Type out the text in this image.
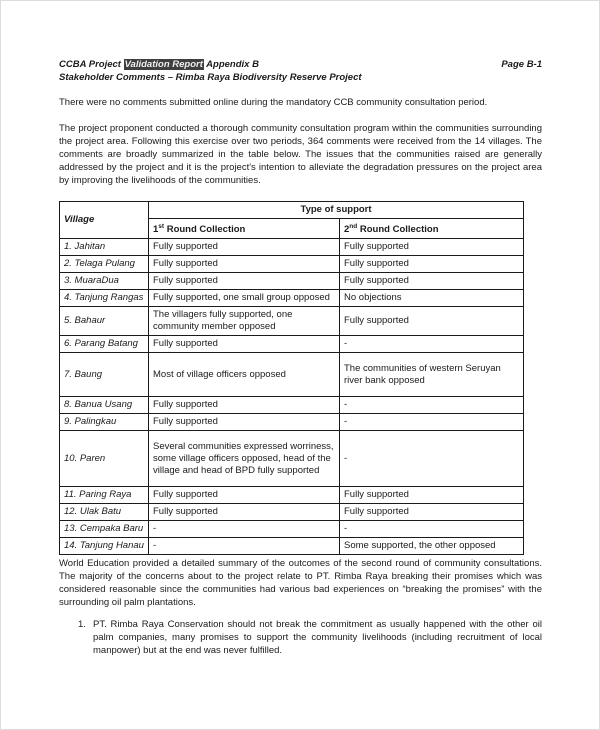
CCBA Project Validation Report Appendix B	Page B-1
Stakeholder Comments – Rimba Raya Biodiversity Reserve Project

There were no comments submitted online during the mandatory CCB community consultation period.

The project proponent conducted a thorough community consultation program within the communities surrounding the project area. Following this exercise over two periods, 364 comments were received from the 14 villages. The comments are broadly summarized in the table below. The issues that the communities raised are generally addressed by the project and it is the project's intention to alleviate the degradation pressures on the project area by improving the livelihoods of the communities.

Village	Type of support	
	1st Round Collection	2nd Round Collection
1. Jahitan	Fully supported	Fully supported
2. Telaga Pulang	Fully supported	Fully supported
3. MuaraDua	Fully supported	Fully supported
4. Tanjung Rangas	Fully supported, one small group opposed	No objections
5. Bahaur	The villagers fully supported, one community member opposed	Fully supported
6. Parang Batang	Fully supported	-
7. Baung	Most of village officers opposed	The communities of western Seruyan river bank opposed
8. Banua Usang	Fully supported	-
9. Palingkau	Fully supported	-
10. Paren	Several communities expressed worriness, some village officers opposed, head of the village and head of BPD fully supported	-
11. Paring Raya	Fully supported	Fully supported
12. Ulak Batu	Fully supported	Fully supported
13. Cempaka Baru	-	-
14. Tanjung Hanau	-	Some supported, the other opposed

World Education provided a detailed summary of the outcomes of the second round of community consultations. The majority of the concerns about to the project relate to PT. Rimba Raya breaking their promises which was considered reasonable since the communities had various bad experiences on “breaking the promises” with the surrounding oil palm plantations.

1. PT. Rimba Raya Conservation should not break the commitment as usually happened with the other oil palm companies, many promises to support the community livelihoods (including recruitment of local manpower) but at the end was never fulfilled.
